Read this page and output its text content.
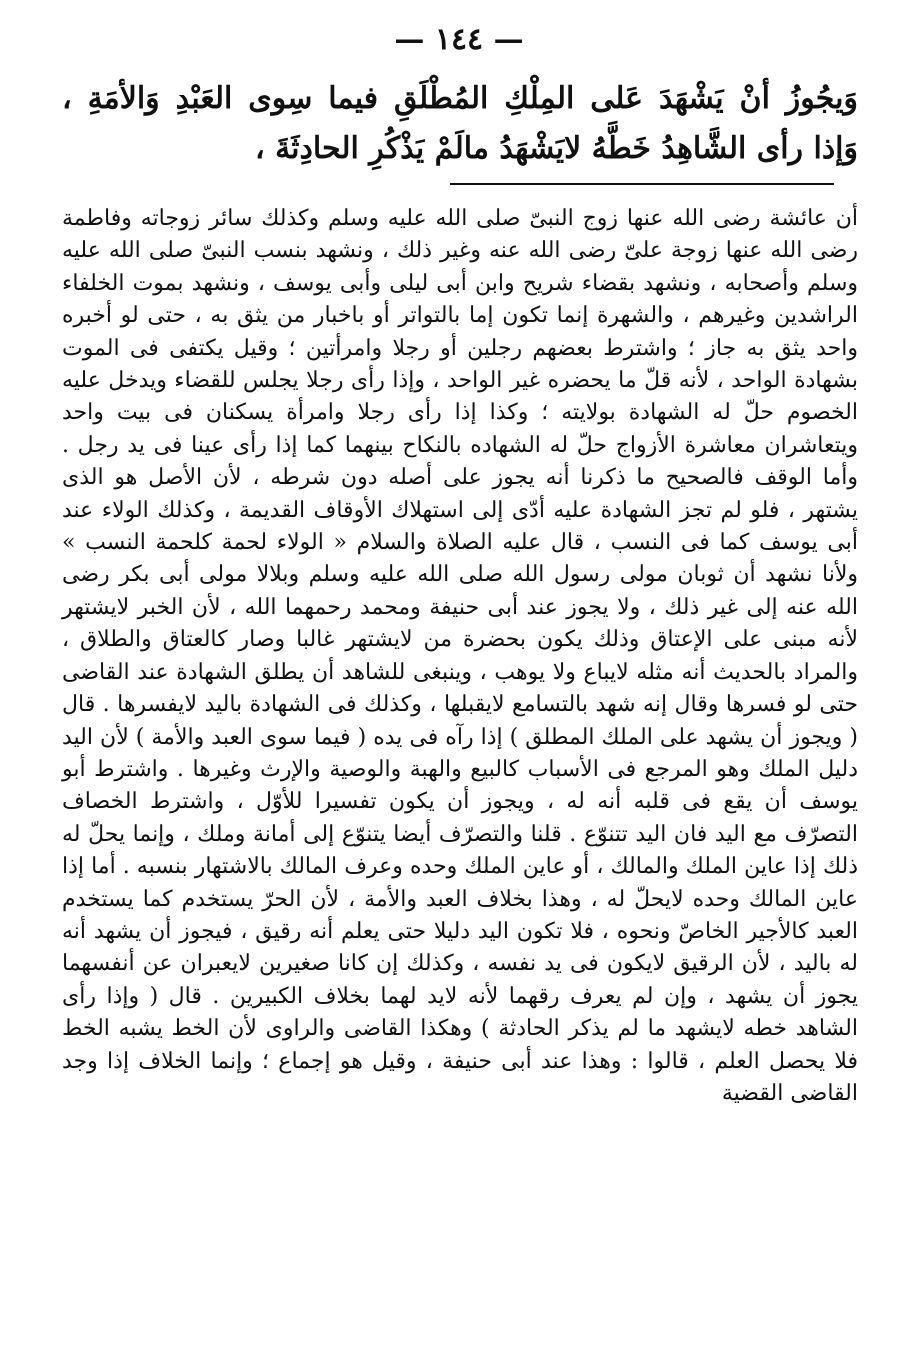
— ١٤٤ —
وَيجُوزُ أنْ يَشْهَدَ عَلى المِلْكِ المُطْلَقِ فيما سِوى العَبْدِ وَالأمَةِ ، وَإذا رأى الشَّاهِدُ خَطَّهُ لايَشْهَدُ مالَمْ يَذْكُرِ الحادِثَةَ ،
أن عائشة رضى الله عنها زوج النبىّ صلى الله عليه وسلم وكذلك سائر زوجاته وفاطمة رضى الله عنها زوجة علىّ رضى الله عنه وغير ذلك ، ونشهد بنسب النبىّ صلى الله عليه وسلم وأصحابه ، ونشهد بقضاء شريح وابن أبى ليلى وأبى يوسف ، ونشهد بموت الخلفاء الراشدين وغيرهم ، والشهرة إنما تكون إما بالتواتر أو باخبار من يثق به ، حتى لو أخبره واحد يثق به جاز ؛ واشترط بعضهم رجلين أو رجلا وامرأتين ؛ وقيل يكتفى فى الموت بشهادة الواحد ، لأنه قلّ ما يحضره غير الواحد ، وإذا رأى رجلا يجلس للقضاء ويدخل عليه الخصوم حلّ له الشهادة بولايته ؛ وكذا إذا رأى رجلا وامرأة يسكنان فى بيت واحد ويتعاشران معاشرة الأزواج حلّ له الشهاده بالنكاح بينهما كما إذا رأى عينا فى يد رجل . وأما الوقف فالصحيح ما ذكرنا أنه يجوز على أصله دون شرطه ، لأن الأصل هو الذى يشتهر ، فلو لم تجز الشهادة عليه أدّى إلى استهلاك الأوقاف القديمة ، وكذلك الولاء عند أبى يوسف كما فى النسب ، قال عليه الصلاة والسلام « الولاء لحمة كلحمة النسب » ولأنا نشهد أن ثوبان مولى رسول الله صلى الله عليه وسلم وبلالا مولى أبى بكر رضى الله عنه إلى غير ذلك ، ولا يجوز عند أبى حنيفة ومحمد رحمهما الله ، لأن الخبر لايشتهر لأنه مبنى على الإعتاق وذلك يكون بحضرة من لايشتهر غالبا وصار كالعتاق والطلاق ، والمراد بالحديث أنه مثله لايباع ولا يوهب ، وينبغى للشاهد أن يطلق الشهادة عند القاضى حتى لو فسرها وقال إنه شهد بالتسامع لايقبلها ، وكذلك فى الشهادة باليد لايفسرها . قال ( ويجوز أن يشهد على الملك المطلق ) إذا رآه فى يده ( فيما سوى العبد والأمة ) لأن اليد دليل الملك وهو المرجع فى الأسباب كالبيع والهبة والوصية والإرث وغيرها . واشترط أبو يوسف أن يقع فى قلبه أنه له ، ويجوز أن يكون تفسيرا للأوّل ، واشترط الخصاف التصرّف مع اليد فان اليد تتنوّع . قلنا والتصرّف أيضا يتنوّع إلى أمانة وملك ، وإنما يحلّ له ذلك إذا عاين الملك والمالك ، أو عاين الملك وحده وعرف المالك بالاشتهار بنسبه . أما إذا عاين المالك وحده لايحلّ له ، وهذا بخلاف العبد والأمة ، لأن الحرّ يستخدم كما يستخدم العبد كالأجير الخاصّ ونحوه ، فلا تكون اليد دليلا حتى يعلم أنه رقيق ، فيجوز أن يشهد أنه له باليد ، لأن الرقيق لايكون فى يد نفسه ، وكذلك إن كانا صغيرين لايعبران عن أنفسهما يجوز أن يشهد ، وإن لم يعرف رقهما لأنه لايد لهما بخلاف الكبيرين . قال ( وإذا رأى الشاهد خطه لايشهد ما لم يذكر الحادثة ) وهكذا القاضى والراوى لأن الخط يشبه الخط فلا يحصل العلم ، قالوا : وهذا عند أبى حنيفة ، وقيل هو إجماع ؛ وإنما الخلاف إذا وجد القاضى القضية
